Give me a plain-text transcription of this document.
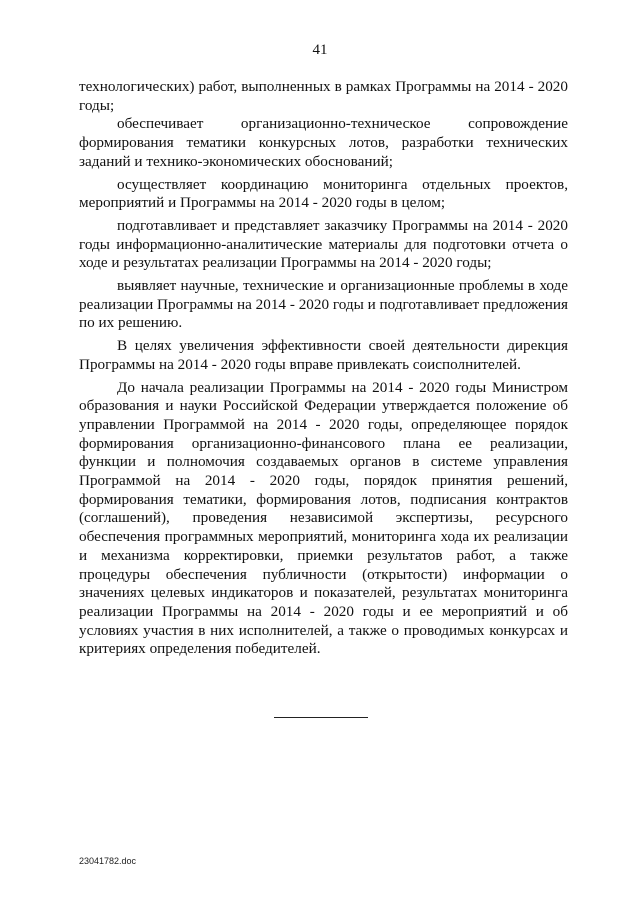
41

технологических) работ, выполненных в рамках Программы на 2014 - 2020 годы;

обеспечивает организационно-техническое сопровождение формирования тематики конкурсных лотов, разработки технических заданий и технико-экономических обоснований;

осуществляет координацию мониторинга отдельных проектов, мероприятий и Программы на 2014 - 2020 годы в целом;

подготавливает и представляет заказчику Программы на 2014 - 2020 годы информационно-аналитические материалы для подготовки отчета о ходе и результатах реализации Программы на 2014 - 2020 годы;

выявляет научные, технические и организационные проблемы в ходе реализации Программы на 2014 - 2020 годы и подготавливает предложения по их решению.

В целях увеличения эффективности своей деятельности дирекция Программы на 2014 - 2020 годы вправе привлекать соисполнителей.

До начала реализации Программы на 2014 - 2020 годы Министром образования и науки Российской Федерации утверждается положение об управлении Программой на 2014 - 2020 годы, определяющее порядок формирования организационно-финансового плана ее реализации, функции и полномочия создаваемых органов в системе управления Программой на 2014 - 2020 годы, порядок принятия решений, формирования тематики, формирования лотов, подписания контрактов (соглашений), проведения независимой экспертизы, ресурсного обеспечения программных мероприятий, мониторинга хода их реализации и механизма корректировки, приемки результатов работ, а также процедуры обеспечения публичности (открытости) информации о значениях целевых индикаторов и показателей, результатах мониторинга реализации Программы на 2014 - 2020 годы и ее мероприятий и об условиях участия в них исполнителей, а также о проводимых конкурсах и критериях определения победителей.

23041782.doc
